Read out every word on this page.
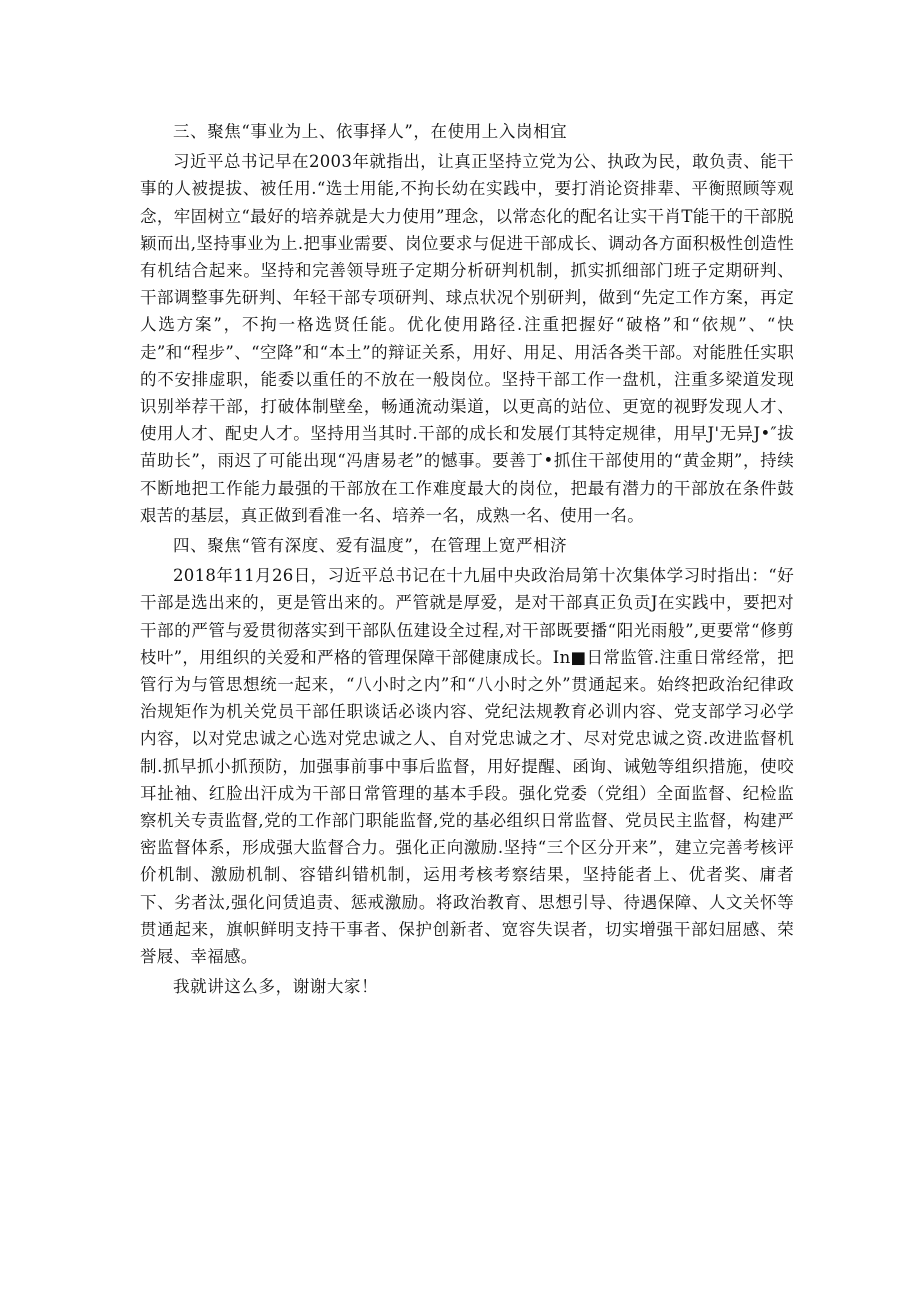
三、聚焦“事业为上、依事择人”，在使用上入岗相宜

习近平总书记早在2003年就指出，让真正坚持立党为公、执政为民，敢负责、能干事的人被提拔、被任用.“选士用能,不拘长幼在实践中，要打消论资排辈、平衡照顾等观念，牢固树立“最好的培养就是大力使用”理念，以常态化的配名让实干肖T能干的干部脱颖而出,坚持事业为上.把事业需要、岗位要求与促进干部成长、调动各方面积极性创造性有机结合起来。坚持和完善领导班子定期分析研判机制，抓实抓细部门班子定期研判、干部调整事先研判、年轻干部专项研判、球点状况个别研判，做到“先定工作方案，再定人选方案”，不拘一格选贤任能。优化使用路径.注重把握好“破格”和“依规”、“快走”和“程步”、“空降”和“本土”的辩证关系，用好、用足、用活各类干部。对能胜任实职的不安排虚职，能委以重任的不放在一般岗位。坚持干部工作一盘机，注重多梁道发现识别举荐干部，打破体制壁垒，畅通流动渠道，以更高的站位、更宽的视野发现人才、使用人才、配史人才。坚持用当其时.干部的成长和发展仃其特定规律，用早J'无异J•″拔苗助长”，雨迟了可能出现“冯唐易老”的憾事。要善丁•抓住干部使用的“黄金期”，持续不断地把工作能力最强的干部放在工作难度最大的岗位，把最有潜力的干部放在条件鼓艰苦的基层，真正做到看准一名、培养一名，成熟一名、使用一名。

四、聚焦“管有深度、爱有温度”，在管理上宽严相济

2018年11月26日，习近平总书记在十九届中央政治局第十次集体学习时指出：“好干部是选出来的，更是管出来的。严管就是厚爱，是对干部真正负贡J在实践中，要把对干部的严管与爱贯彻落实到干部队伍建设全过程,对干部既要播“阳光雨般”,更要常“修剪枝叶”，用组织的关爱和严格的管理保障干部健康成长。In■日常监管.注重日常经常，把管行为与管思想统一起来，“八小时之内”和“八小时之外”贯通起来。始终把政治纪律政治规矩作为机关党员干部任职谈话必谈内容、党纪法规教育必训内容、党支部学习必学内容，以对党忠诚之心选对党忠诚之人、自对党忠诚之才、尽对党忠诚之资.改进监督机制.抓早抓小抓预防，加强事前事中事后监督，用好提醒、函询、诫勉等组织措施，使咬耳扯袖、红脸出汗成为干部日常管理的基本手段。强化党委（党组）全面监督、纪检监察机关专责监督,党的工作部门职能监督,党的基必组织日常监督、党员民主监督，构建严密监督体系，形成强大监督合力。强化正向激励.坚持“三个区分开来”，建立完善考核评价机制、激励机制、容错纠错机制，运用考核考察结果，坚持能者上、优者奖、庸者下、劣者汰,强化问赁追责、惩戒激励。将政治教育、思想引导、待遇保障、人文关怀等贯通起来，旗帜鲜明支持干事者、保护创新者、宽容失误者，切实增强干部妇屈感、荣誉屐、幸福感。

我就讲这么多，谢谢大家！
